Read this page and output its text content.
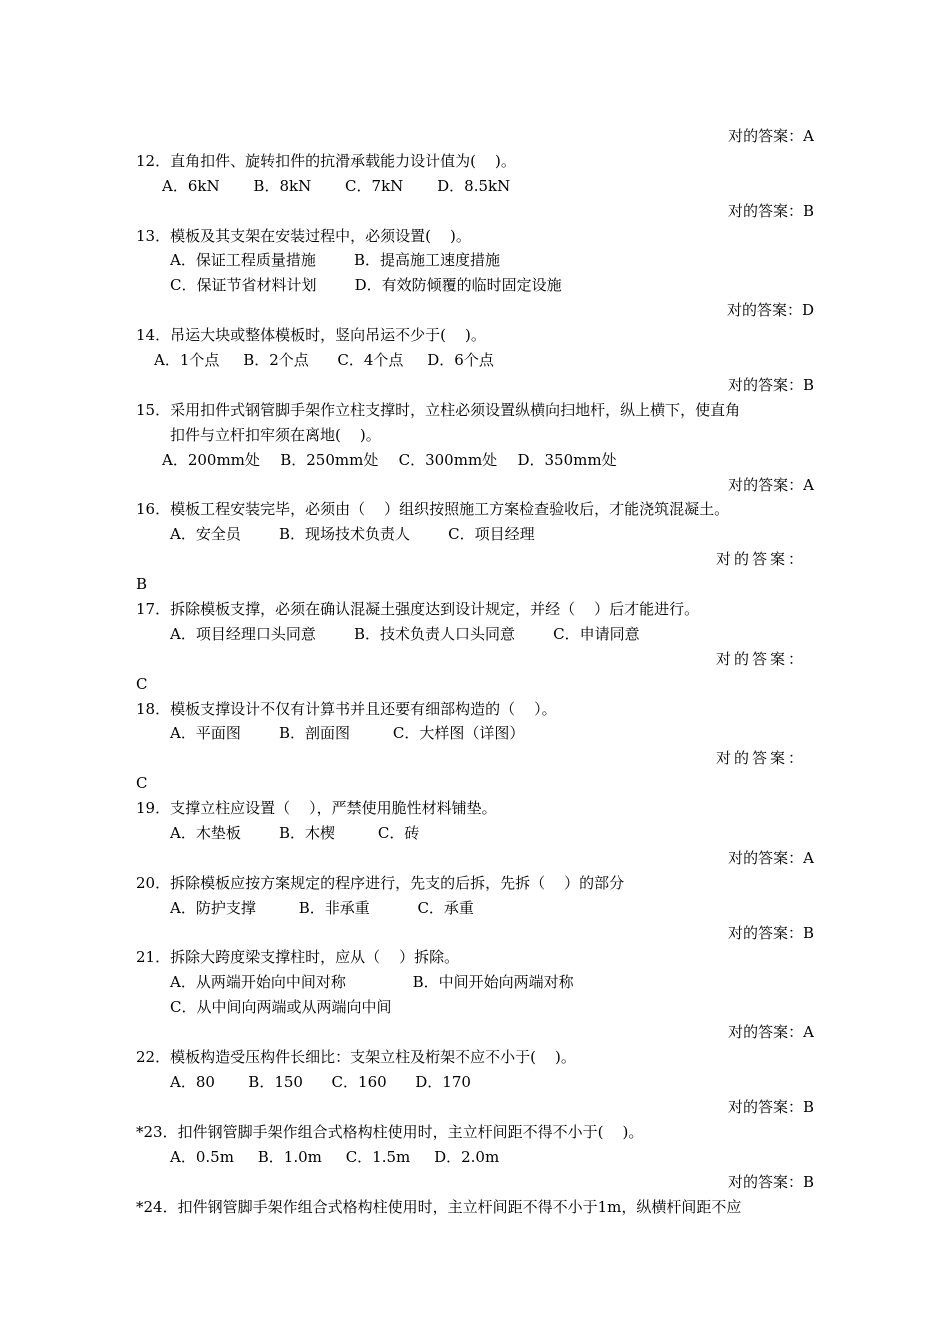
对的答案：A
12．直角扣件、旋转扣件的抗滑承载能力设计值为(    )。
A．6kN     B．8kN     C．7kN     D．8.5kN
对的答案：B
13．模板及其支架在安装过程中，必须设置(    )。
A．保证工程质量措施        B．提高施工速度措施
C．保证节省材料计划        D．有效防倾覆的临时固定设施
对的答案：D
14．吊运大块或整体模板时，竖向吊运不少于(    )。
A．1个点     B．2个点      C．4个点     D．6个点
对的答案：B
15．采用扣件式钢管脚手架作立柱支撑时，立柱必须设置纵横向扫地杆，纵上横下，使直角
扣件与立杆扣牢须在离地(    )。
A．200mm处   B．250mm处   C．300mm处   D．350mm处
对的答案：A
16．模板工程安装完毕，必须由（    ）组织按照施工方案检查验收后，才能浇筑混凝土。
A．安全员        B．现场技术负责人        C．项目经理
对的答案：
B
17．拆除模板支撑，必须在确认混凝土强度达到设计规定，并经（    ）后才能进行。
A．项目经理口头同意        B．技术负责人口头同意        C．申请同意
对的答案：
C
18．模板支撑设计不仅有计算书并且还要有细部构造的（    ）。
A．平面图        B．剖面图         C．大样图（详图）
对的答案：
C
19．支撑立柱应设置（    ），严禁使用脆性材料铺垫。
A．木垫板        B．木楔         C．砖
对的答案：A
20．拆除模板应按方案规定的程序进行，先支的后拆，先拆（    ）的部分
A．防护支撑         B．非承重          C．承重
对的答案：B
21．拆除大跨度梁支撑柱时，应从（    ）拆除。
A．从两端开始向中间对称              B．中间开始向两端对称
C．从中间向两端或从两端向中间
对的答案：A
22．模板构造受压构件长细比：支架立柱及桁架不应不小于(    )。
A．80       B．150      C．160      D．170
对的答案：B
*23．扣件钢管脚手架作组合式格构柱使用时，主立杆间距不得不小于(    )。
A．0.5m     B．1.0m     C．1.5m     D．2.0m
对的答案：B
*24．扣件钢管脚手架作组合式格构柱使用时，主立杆间距不得不小于1m，纵横杆间距不应
